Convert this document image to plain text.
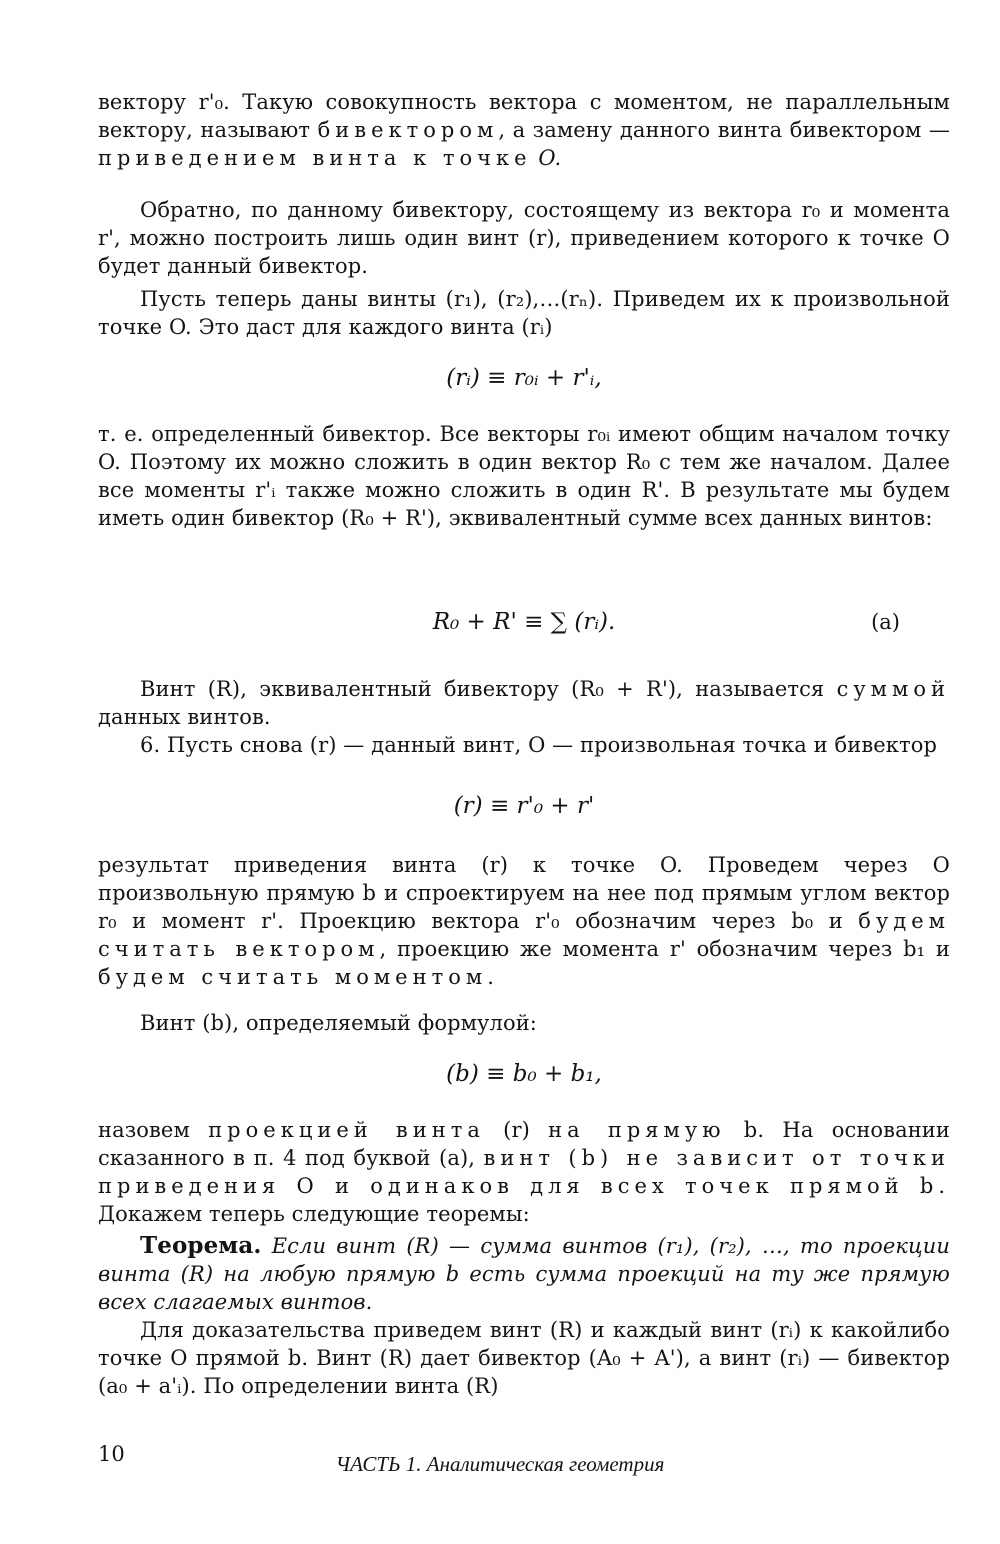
вектору r'₀. Такую совокупность вектора с моментом, не параллельным вектору, называют бивектором, а замену данного винта бивектором — приведением винта к точке O.

Обратно, по данному бивектору, состоящему из вектора r₀ и момента r', можно построить лишь один винт (r), приведением которого к точке O будет данный бивектор.

Пусть теперь даны винты (r₁), (r₂),…(rₙ). Приведем их к произвольной точке O. Это даст для каждого винта (rᵢ)

(rᵢ) ≡ r₀ᵢ + r'ᵢ,

т. е. определенный бивектор. Все векторы r₀ᵢ имеют общим началом точку O. Поэтому их можно сложить в один вектор R₀ с тем же началом. Далее все моменты r'ᵢ также можно сложить в один R'. В результате мы будем иметь один бивектор (R₀ + R'), эквивалентный сумме всех данных винтов:

R₀ + R' ≡ ∑ (rᵢ).	(а)

Винт (R), эквивалентный бивектору (R₀ + R'), называется суммой данных винтов.

6. Пусть снова (r) — данный винт, O — произвольная точка и бивектор

(r) ≡ r'₀ + r'

результат приведения винта (r) к точке O. Проведем через O произвольную прямую b и спроектируем на нее под прямым углом вектор r₀ и момент r'. Проекцию вектора r'₀ обозначим через b₀ и будем считать вектором, проекцию же момента r' обозначим через b₁ и будем считать моментом.

Винт (b), определяемый формулой:

(b) ≡ b₀ + b₁,

назовем проекцией винта (r) на прямую b. На основании сказанного в п. 4 под буквой (а), винт (b) не зависит от точки приведения O и одинаков для всех точек прямой b. Докажем теперь следующие теоремы:

Теорема. Если винт (R) — сумма винтов (r₁), (r₂), …, то проекции винта (R) на любую прямую b есть сумма проекций на ту же прямую всех слагаемых винтов.

Для доказательства приведем винт (R) и каждый винт (rᵢ) к какойлибо точке O прямой b. Винт (R) дает бивектор (A₀ + A'), а винт (rᵢ) — бивектор (a₀ + a'ᵢ). По определении винта (R)

10	ЧАСТЬ 1. Аналитическая геометрия
